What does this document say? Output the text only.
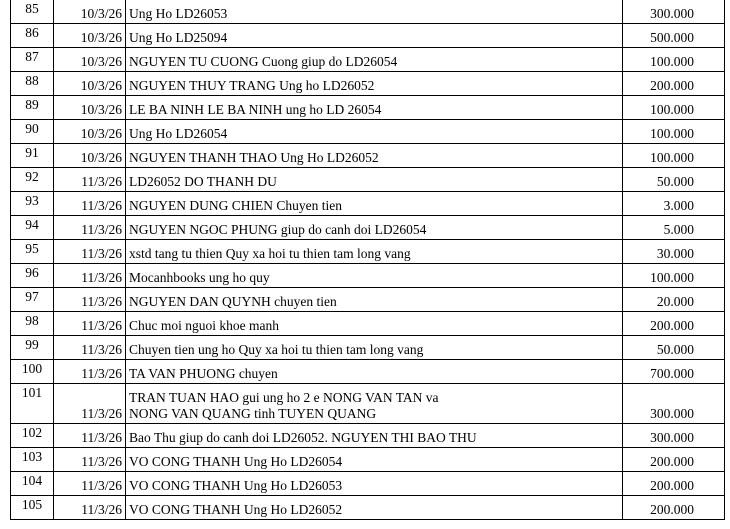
85	10/3/26	Ung Ho LD26053	300.000
86	10/3/26	Ung Ho LD25094	500.000
87	10/3/26	NGUYEN TU CUONG Cuong giup do LD26054	100.000
88	10/3/26	NGUYEN THUY TRANG Ung ho LD26052	200.000
89	10/3/26	LE BA NINH LE BA NINH ung ho LD 26054	100.000
90	10/3/26	Ung Ho LD26054	100.000
91	10/3/26	NGUYEN THANH THAO Ung Ho LD26052	100.000
92	11/3/26	LD26052 DO THANH DU	50.000
93	11/3/26	NGUYEN DUNG CHIEN Chuyen tien	3.000
94	11/3/26	NGUYEN NGOC PHUNG giup do canh doi LD26054	5.000
95	11/3/26	xstd tang tu thien Quy xa hoi tu thien tam long vang	30.000
96	11/3/26	Mocanhbooks ung ho quy	100.000
97	11/3/26	NGUYEN DAN QUYNH chuyen tien	20.000
98	11/3/26	Chuc moi nguoi khoe manh	200.000
99	11/3/26	Chuyen tien ung ho Quy xa hoi tu thien tam long vang	50.000
100	11/3/26	TA VAN PHUONG chuyen	700.000
101	11/3/26	TRAN TUAN HAO gui ung ho 2 e NONG VAN TAN va
NONG VAN QUANG tinh TUYEN QUANG	300.000
102	11/3/26	Bao Thu giup do canh doi LD26052. NGUYEN THI BAO THU	300.000
103	11/3/26	VO CONG THANH Ung Ho LD26054	200.000
104	11/3/26	VO CONG THANH Ung Ho LD26053	200.000
105	11/3/26	VO CONG THANH Ung Ho LD26052	200.000
